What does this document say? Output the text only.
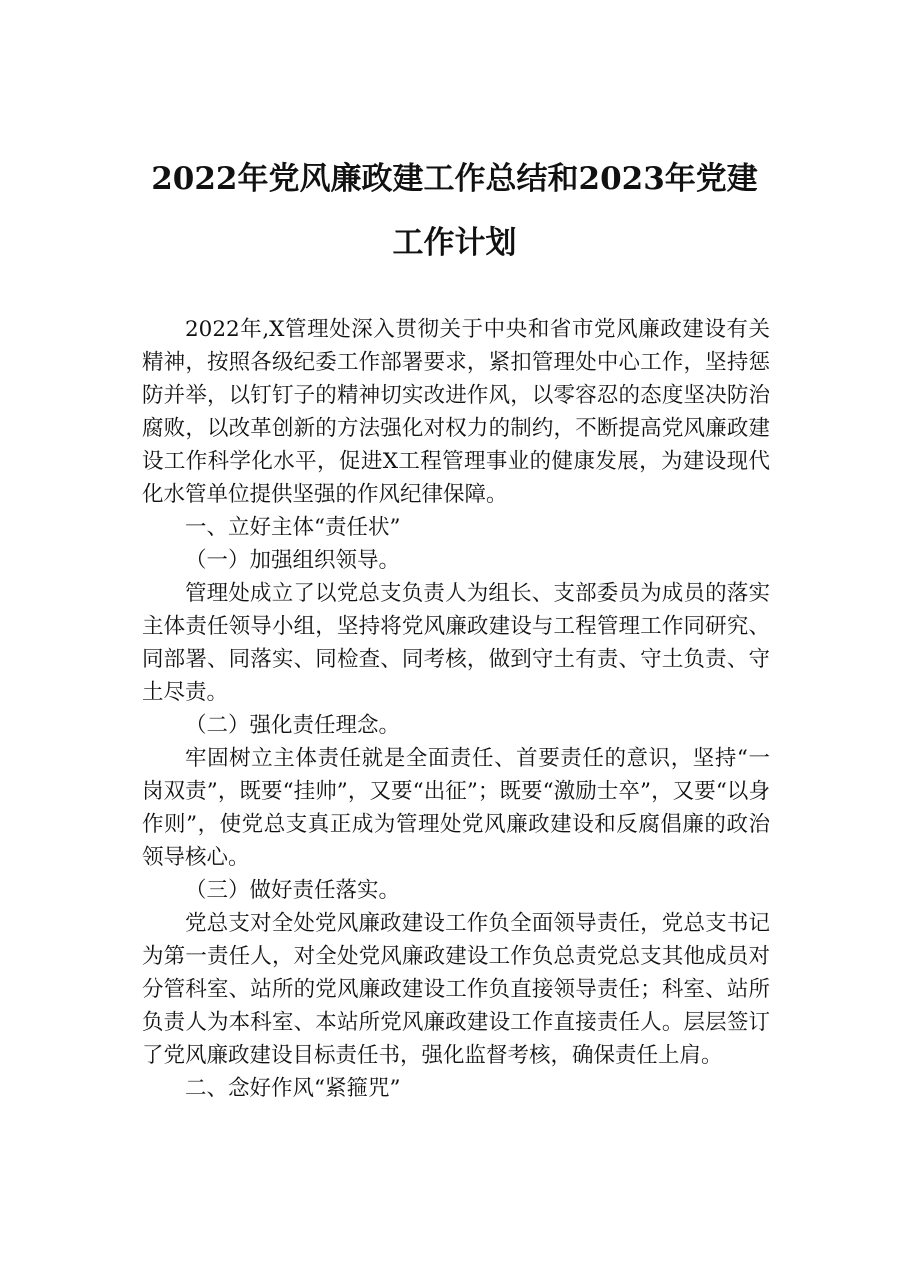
2022年党风廉政建工作总结和2023年党建
工作计划

2022年,X管理处深入贯彻关于中央和省市党风廉政建设有关精神，按照各级纪委工作部署要求，紧扣管理处中心工作，坚持惩防并举，以钉钉子的精神切实改进作风，以零容忍的态度坚决防治腐败，以改革创新的方法强化对权力的制约，不断提高党风廉政建设工作科学化水平，促进X工程管理事业的健康发展，为建设现代化水管单位提供坚强的作风纪律保障。

一、立好主体“责任状”

（一）加强组织领导。

管理处成立了以党总支负责人为组长、支部委员为成员的落实主体责任领导小组，坚持将党风廉政建设与工程管理工作同研究、同部署、同落实、同检查、同考核，做到守土有责、守土负责、守土尽责。

（二）强化责任理念。

牢固树立主体责任就是全面责任、首要责任的意识，坚持“一岗双责”，既要“挂帅”，又要“出征”；既要“激励士卒”，又要“以身作则”，使党总支真正成为管理处党风廉政建设和反腐倡廉的政治领导核心。

（三）做好责任落实。

党总支对全处党风廉政建设工作负全面领导责任，党总支书记为第一责任人，对全处党风廉政建设工作负总责党总支其他成员对分管科室、站所的党风廉政建设工作负直接领导责任；科室、站所负责人为本科室、本站所党风廉政建设工作直接责任人。层层签订了党风廉政建设目标责任书，强化监督考核，确保责任上肩。

二、念好作风“紧箍咒”
